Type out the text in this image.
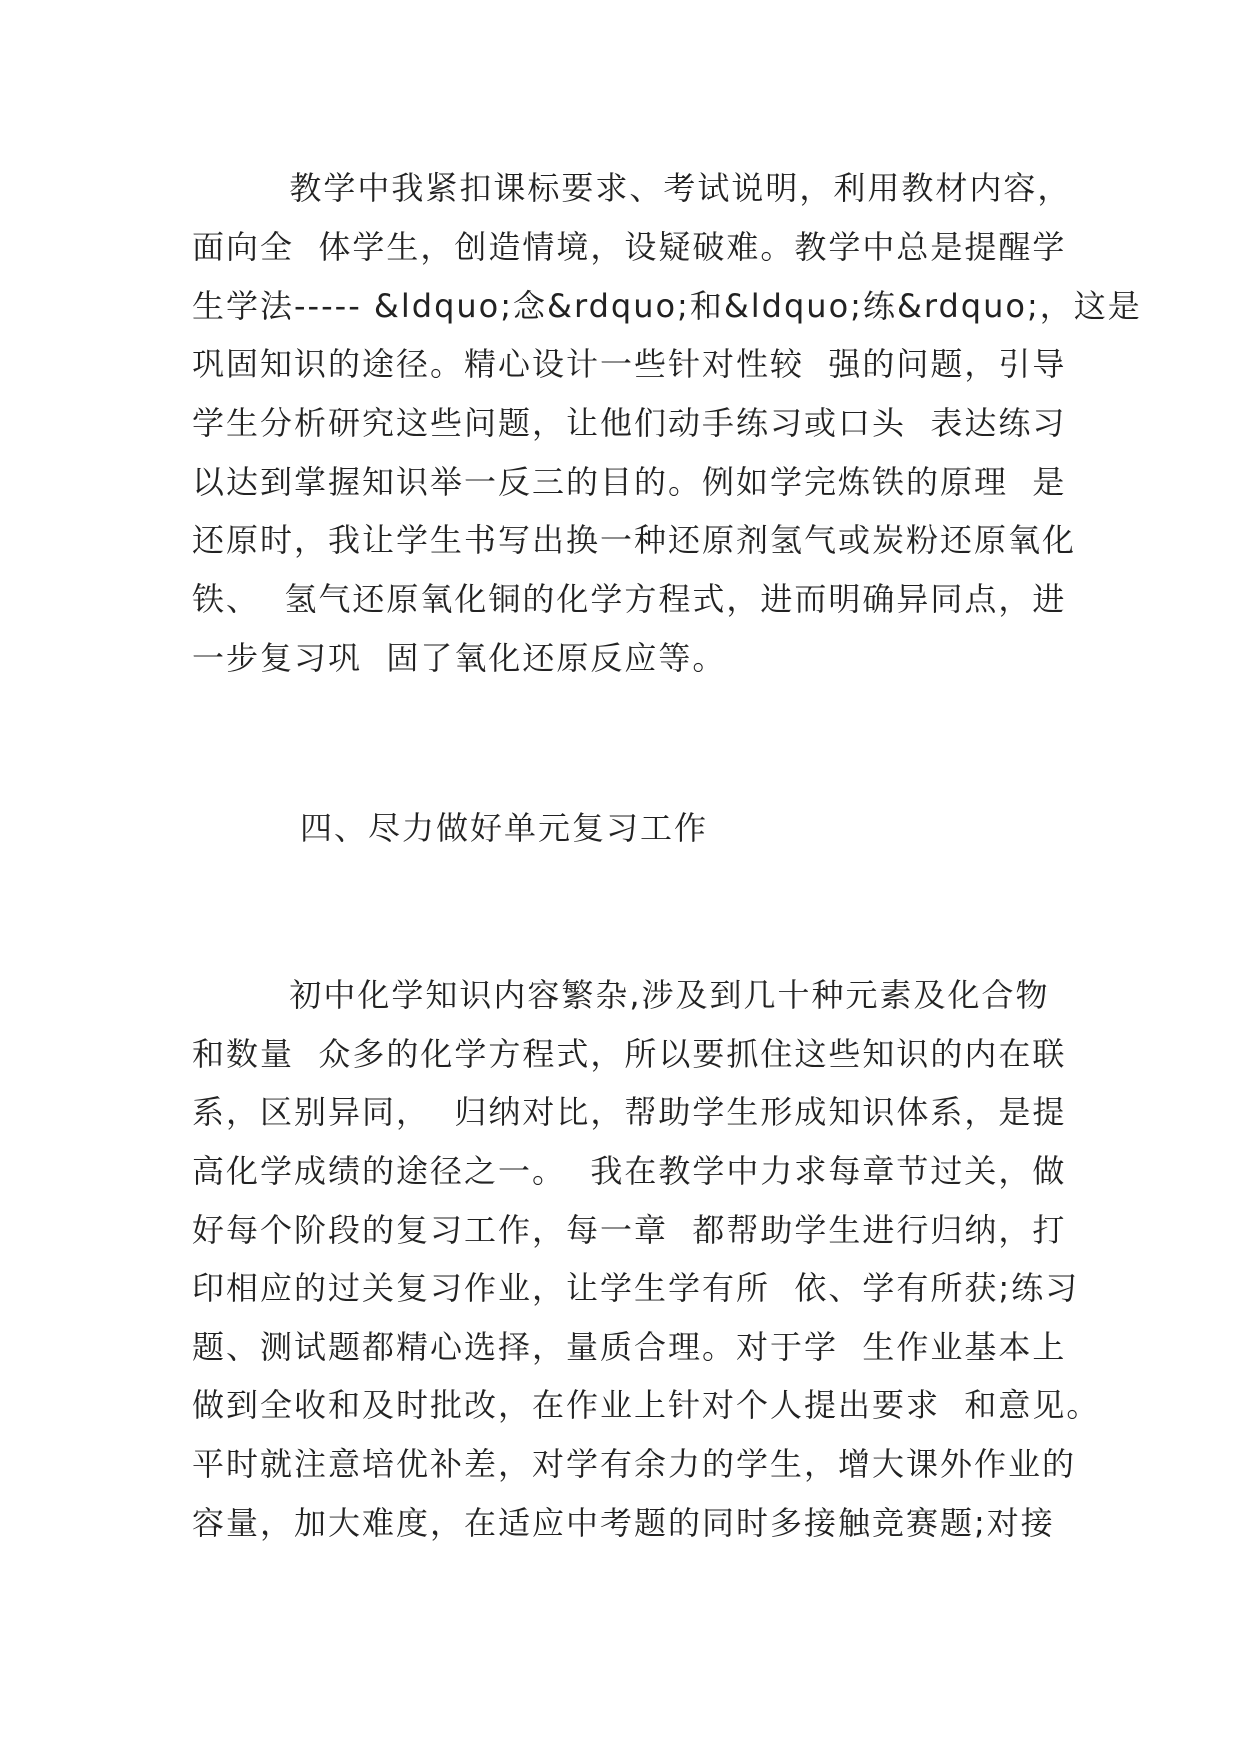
教学中我紧扣课标要求、考试说明，利用教材内容，

面向全  体学生，创造情境，设疑破难。教学中总是提醒学

生学法----- &ldquo;念&rdquo;和&ldquo;练&rdquo;，这是

巩固知识的途径。精心设计一些针对性较  强的问题，引导

学生分析研究这些问题，让他们动手练习或口头  表达练习

以达到掌握知识举一反三的目的。例如学完炼铁的原理  是

还原时，我让学生书写出换一种还原剂氢气或炭粉还原氧化

铁、  氢气还原氧化铜的化学方程式，进而明确异同点，进

一步复习巩  固了氧化还原反应等。

四、尽力做好单元复习工作

初中化学知识内容繁杂,涉及到几十种元素及化合物

和数量  众多的化学方程式，所以要抓住这些知识的内在联

系，区别异同，  归纳对比，帮助学生形成知识体系，是提

高化学成绩的途径之一。  我在教学中力求每章节过关，做

好每个阶段的复习工作，每一章  都帮助学生进行归纳，打

印相应的过关复习作业，让学生学有所  依、学有所获;练习

题、测试题都精心选择，量质合理。对于学  生作业基本上

做到全收和及时批改，在作业上针对个人提出要求  和意见。

平时就注意培优补差，对学有余力的学生，增大课外作业的

容量，加大难度，在适应中考题的同时多接触竞赛题;对接
